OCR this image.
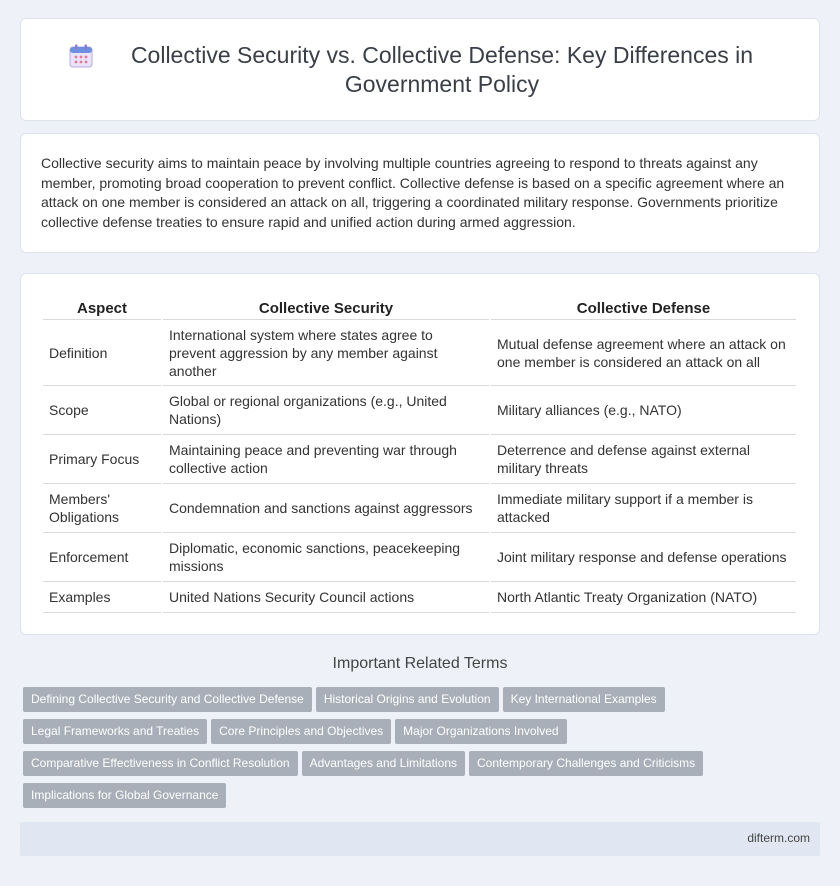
Collective Security vs. Collective Defense: Key Differences in Government Policy

Collective security aims to maintain peace by involving multiple countries agreeing to respond to threats against any member, promoting broad cooperation to prevent conflict. Collective defense is based on a specific agreement where an attack on one member is considered an attack on all, triggering a coordinated military response. Governments prioritize collective defense treaties to ensure rapid and unified action during armed aggression.

Aspect	Collective Security	Collective Defense
Definition	International system where states agree to prevent aggression by any member against another	Mutual defense agreement where an attack on one member is considered an attack on all
Scope	Global or regional organizations (e.g., United Nations)	Military alliances (e.g., NATO)
Primary Focus	Maintaining peace and preventing war through collective action	Deterrence and defense against external military threats
Members' Obligations	Condemnation and sanctions against aggressors	Immediate military support if a member is attacked
Enforcement	Diplomatic, economic sanctions, peacekeeping missions	Joint military response and defense operations
Examples	United Nations Security Council actions	North Atlantic Treaty Organization (NATO)
Important Related Terms
Defining Collective Security and Collective Defense Historical Origins and Evolution Key International Examples
Legal Frameworks and Treaties Core Principles and Objectives Major Organizations Involved
Comparative Effectiveness in Conflict Resolution Advantages and Limitations Contemporary Challenges and Criticisms
Implications for Global Governance
difterm.com
